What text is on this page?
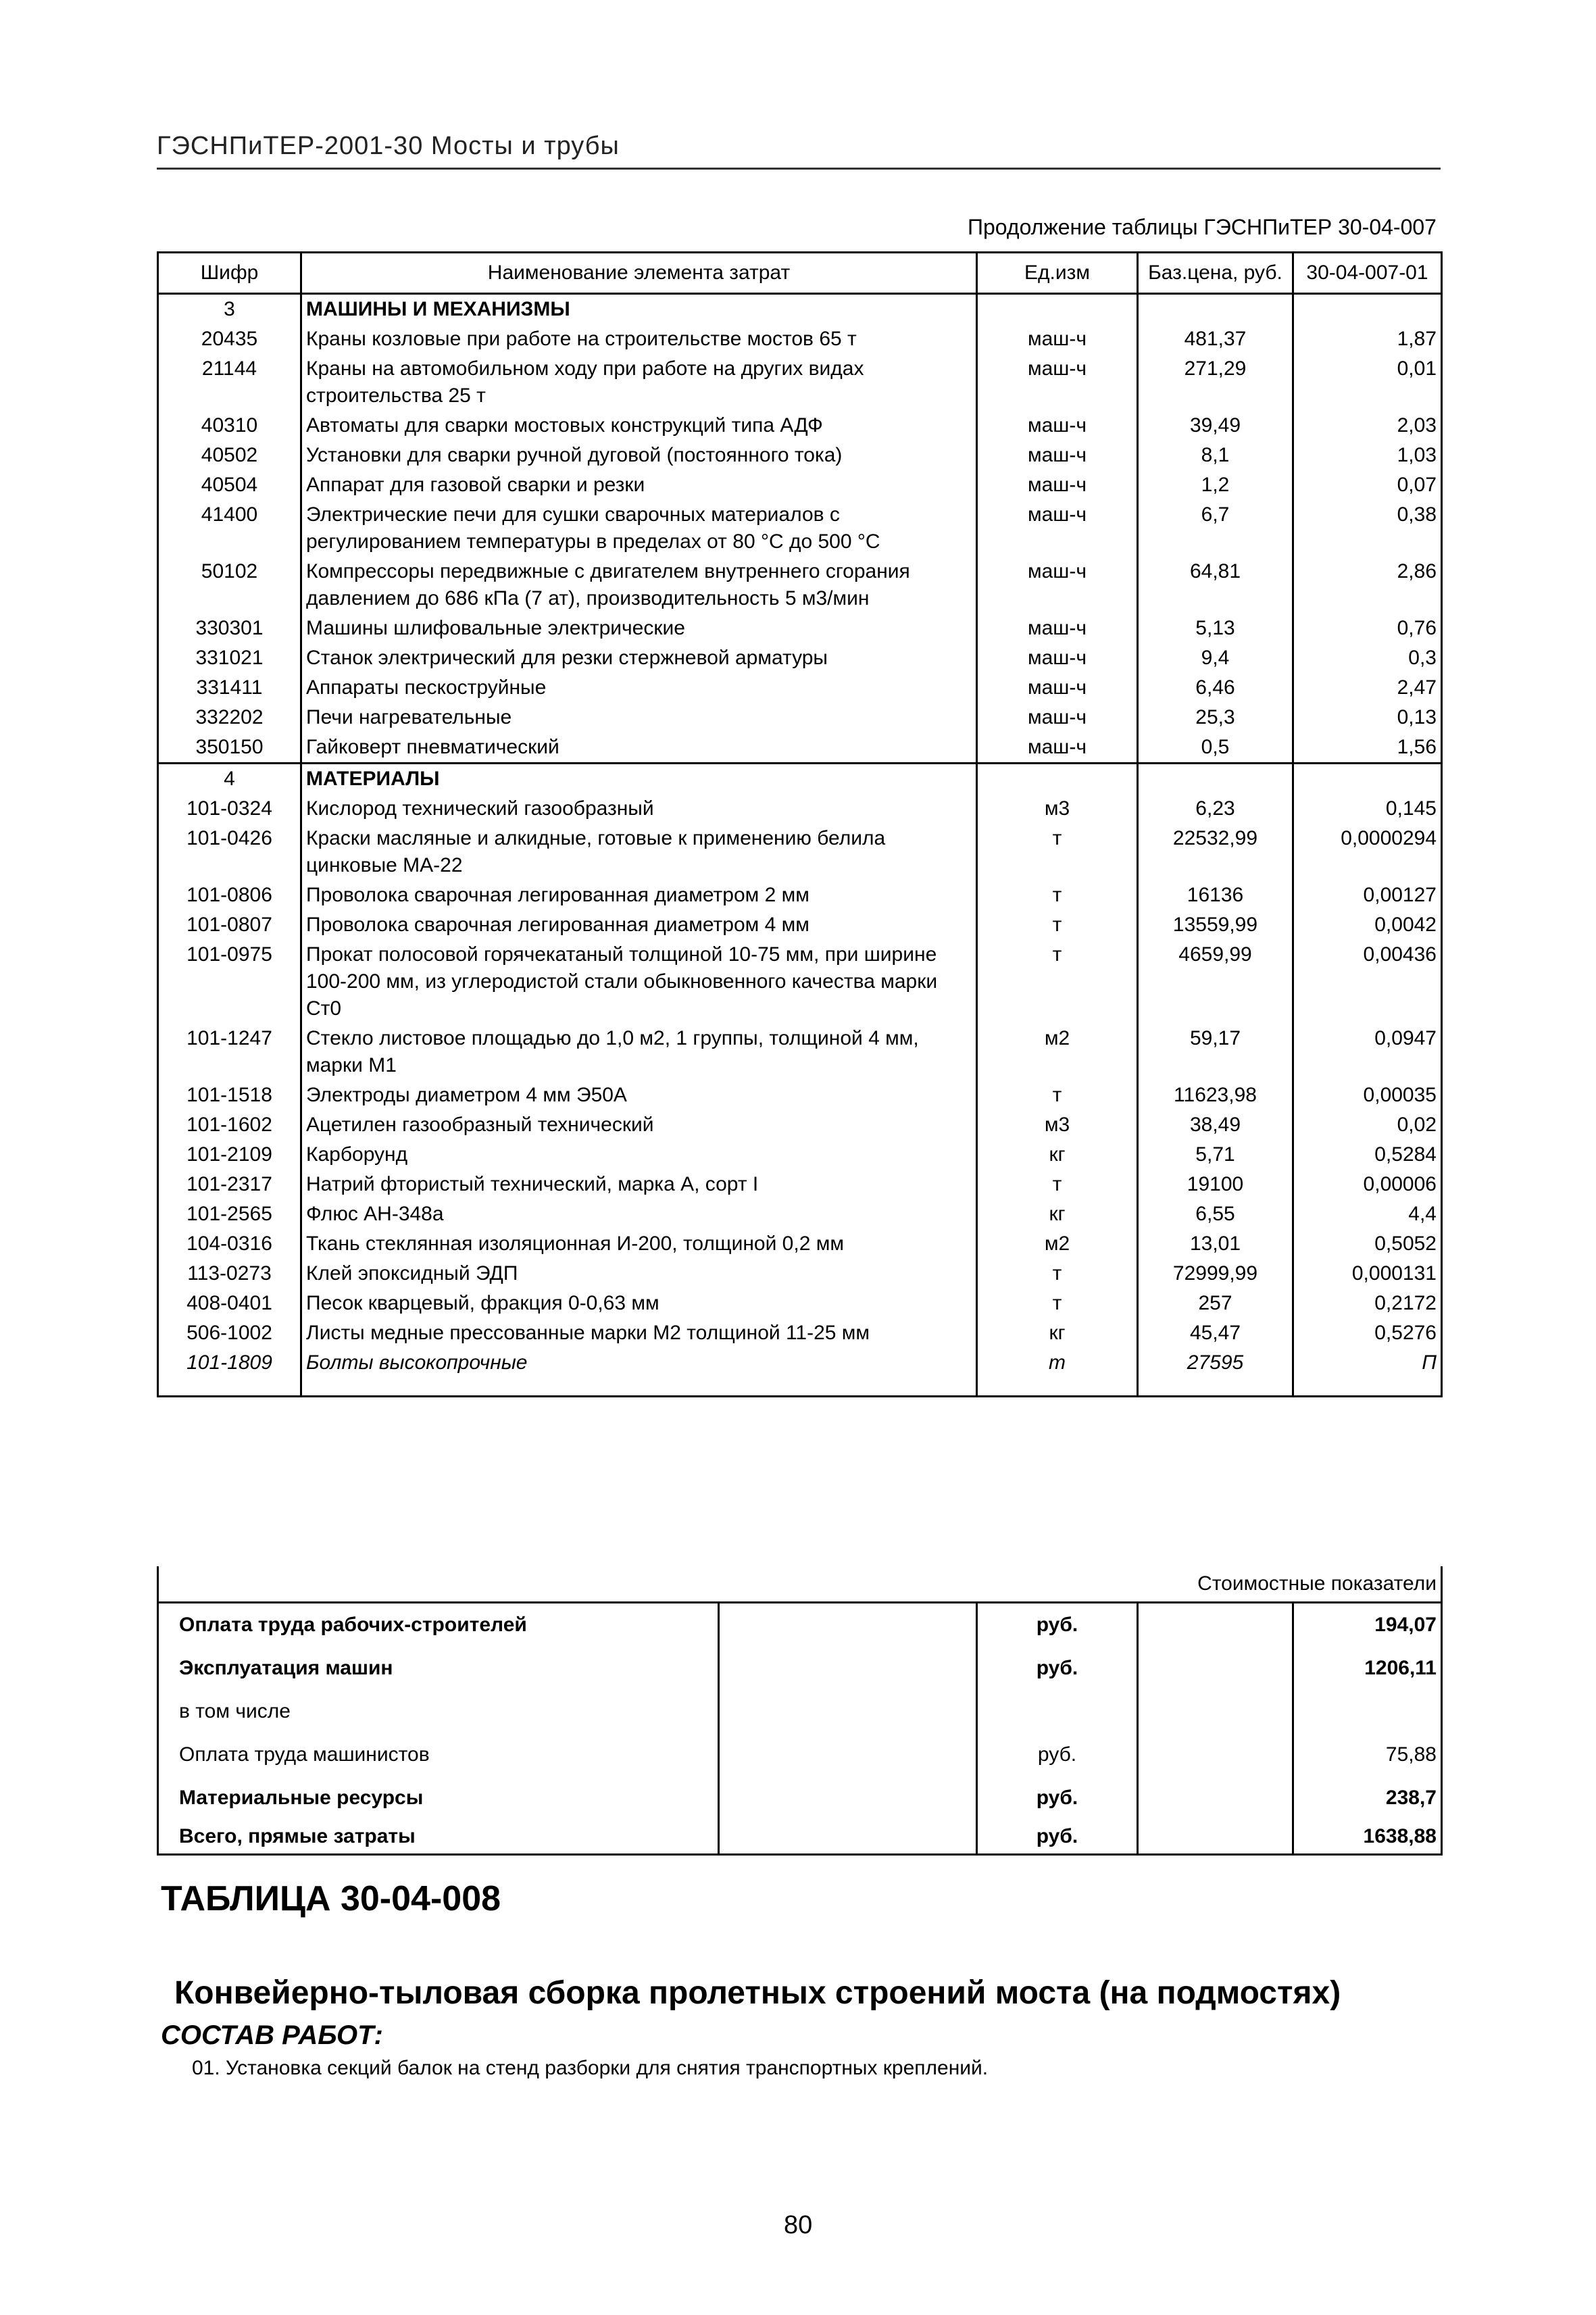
ГЭСНПиТЕР-2001-30 Мосты и трубы
Продолжение таблицы ГЭСНПиТЕР 30-04-007
Шифр	Наименование элемента затрат	Ед.изм	Баз.цена, руб.	30-04-007-01
3	МАШИНЫ И МЕХАНИЗМЫ			
20435	Краны козловые при работе на строительстве мостов 65 т	маш-ч	481,37	1,87
21144	Краны на автомобильном ходу при работе на других видах строительства 25 т	маш-ч	271,29	0,01
40310	Автоматы для сварки мостовых конструкций типа АДФ	маш-ч	39,49	2,03
40502	Установки для сварки ручной дуговой (постоянного тока)	маш-ч	8,1	1,03
40504	Аппарат для газовой сварки и резки	маш-ч	1,2	0,07
41400	Электрические печи для сушки сварочных материалов с регулированием температуры в пределах от 80 °С до 500 °С	маш-ч	6,7	0,38
50102	Компрессоры передвижные с двигателем внутреннего сгорания давлением до 686 кПа (7 ат), производительность 5 м3/мин	маш-ч	64,81	2,86
330301	Машины шлифовальные электрические	маш-ч	5,13	0,76
331021	Станок электрический для резки стержневой арматуры	маш-ч	9,4	0,3
331411	Аппараты пескоструйные	маш-ч	6,46	2,47
332202	Печи нагревательные	маш-ч	25,3	0,13
350150	Гайковерт пневматический	маш-ч	0,5	1,56
4	МАТЕРИАЛЫ			
101-0324	Кислород технический газообразный	м3	6,23	0,145
101-0426	Краски масляные и алкидные, готовые к применению белила цинковые МА-22	т	22532,99	0,0000294
101-0806	Проволока сварочная легированная диаметром 2 мм	т	16136	0,00127
101-0807	Проволока сварочная легированная диаметром 4 мм	т	13559,99	0,0042
101-0975	Прокат полосовой горячекатаный толщиной 10-75 мм, при ширине 100-200 мм, из углеродистой стали обыкновенного качества марки Ст0	т	4659,99	0,00436
101-1247	Стекло листовое площадью до 1,0 м2, 1 группы, толщиной 4 мм, марки М1	м2	59,17	0,0947
101-1518	Электроды диаметром 4 мм Э50А	т	11623,98	0,00035
101-1602	Ацетилен газообразный технический	м3	38,49	0,02
101-2109	Карборунд	кг	5,71	0,5284
101-2317	Натрий фтористый технический, марка А, сорт I	т	19100	0,00006
101-2565	Флюс АН-348а	кг	6,55	4,4
104-0316	Ткань стеклянная изоляционная И-200, толщиной 0,2 мм	м2	13,01	0,5052
113-0273	Клей эпоксидный ЭДП	т	72999,99	0,000131
408-0401	Песок кварцевый, фракция 0-0,63 мм	т	257	0,2172
506-1002	Листы медные прессованные марки М2 толщиной 11-25 мм	кг	45,47	0,5276
101-1809	Болты высокопрочные	т	27595	П
Стоимостные показатели				
Оплата труда рабочих-строителей		руб.		194,07
Эксплуатация машин		руб.		1206,11
в том числе				
Оплата труда машинистов		руб.		75,88
Материальные ресурсы		руб.		238,7
Всего, прямые затраты		руб.		1638,88
ТАБЛИЦА 30-04-008
Конвейерно-тыловая сборка пролетных строений моста (на подмостях)
СОСТАВ РАБОТ:
01. Установка секций балок на стенд разборки для снятия транспортных креплений.
80
